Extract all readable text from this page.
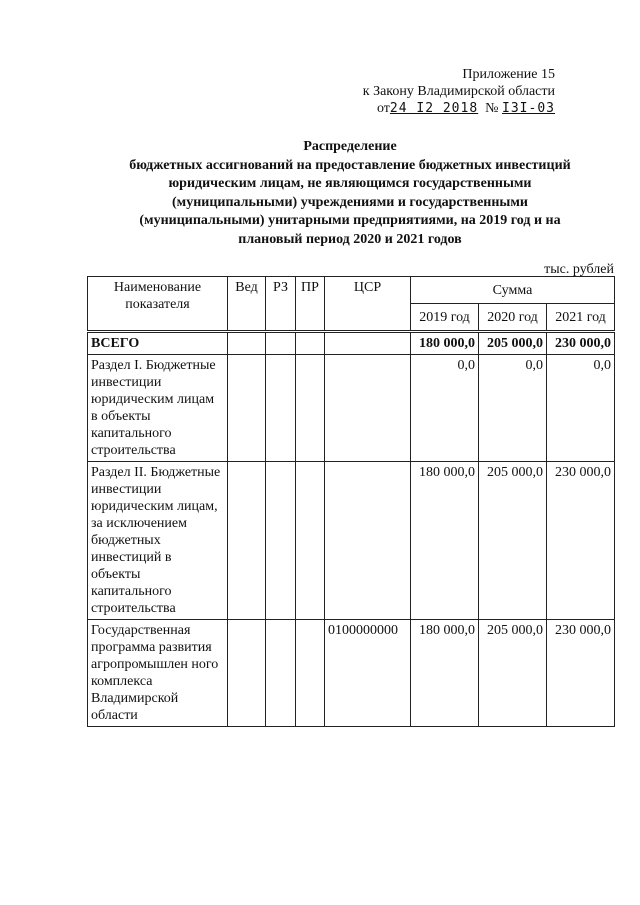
Приложение 15
к Закону Владимирской области
от24 I2 2018 № I3I-03
Распределение
бюджетных ассигнований на предоставление бюджетных инвестиций
юридическим лицам, не являющимся государственными
(муниципальными) учреждениями и государственными
(муниципальными) унитарными предприятиями, на 2019 год и на
плановый период 2020 и 2021 годов
тыс. рублей
Наименование показателя	Вед	РЗ	ПР	ЦСР	Сумма		
					2019 год	2020 год	2021 год
ВСЕГО					180 000,0	205 000,0	230 000,0
Раздел I. Бюджетные инвестиции юридическим лицам в объекты капитального строительства					0,0	0,0	0,0
Раздел II. Бюджетные инвестиции юридическим лицам, за исключением бюджетных инвестиций в объекты капитального строительства					180 000,0	205 000,0	230 000,0
Государственная программа развития агропромышлен ного комплекса Владимирской области				0100000000	180 000,0	205 000,0	230 000,0
